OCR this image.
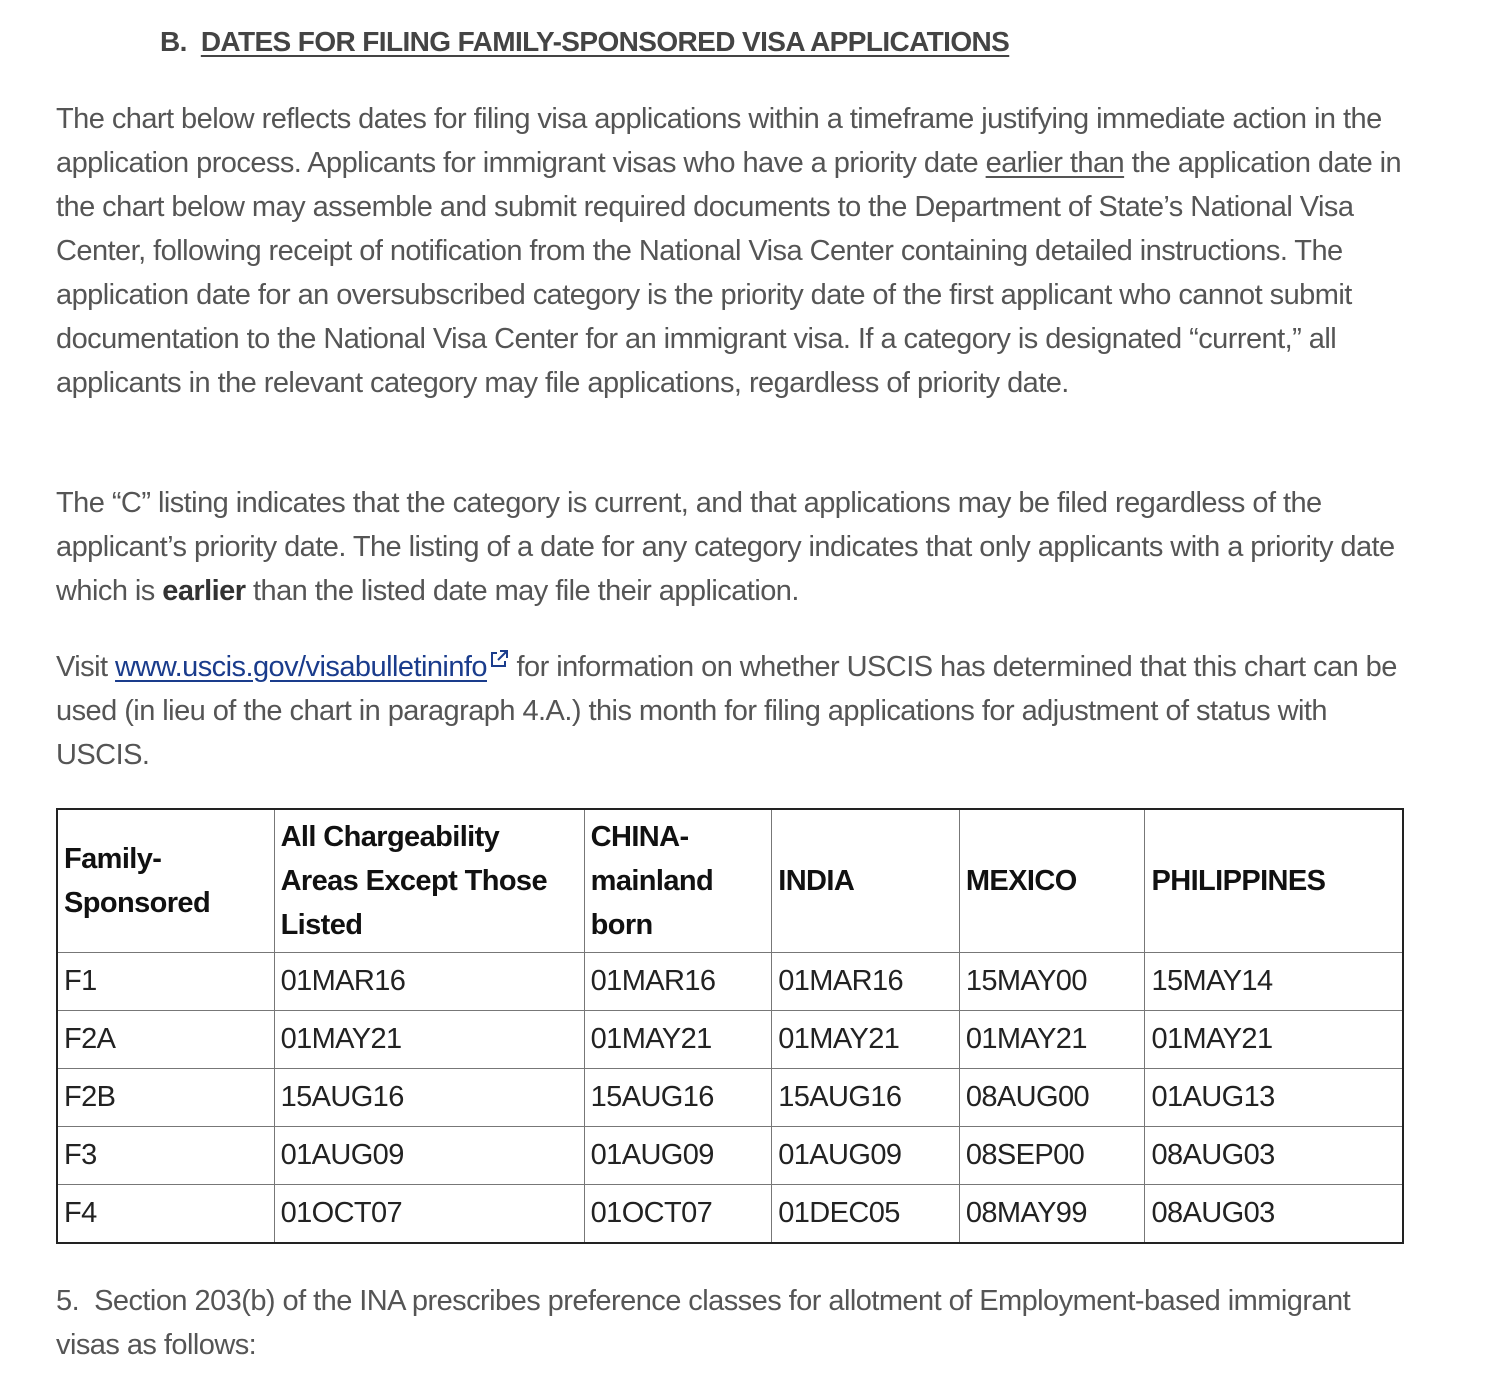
B. DATES FOR FILING FAMILY-SPONSORED VISA APPLICATIONS

The chart below reflects dates for filing visa applications within a timeframe justifying immediate action in the application process. Applicants for immigrant visas who have a priority date earlier than the application date in the chart below may assemble and submit required documents to the Department of State’s National Visa Center, following receipt of notification from the National Visa Center containing detailed instructions. The application date for an oversubscribed category is the priority date of the first applicant who cannot submit documentation to the National Visa Center for an immigrant visa. If a category is designated “current,” all applicants in the relevant category may file applications, regardless of priority date.

The “C” listing indicates that the category is current, and that applications may be filed regardless of the applicant’s priority date. The listing of a date for any category indicates that only applicants with a priority date which is earlier than the listed date may file their application.

Visit www.uscis.gov/visabulletininfo for information on whether USCIS has determined that this chart can be used (in lieu of the chart in paragraph 4.A.) this month for filing applications for adjustment of status with USCIS.

Family-Sponsored	All Chargeability Areas Except Those Listed	CHINA-mainland born	INDIA	MEXICO	PHILIPPINES
F1	01MAR16	01MAR16	01MAR16	15MAY00	15MAY14
F2A	01MAY21	01MAY21	01MAY21	01MAY21	01MAY21
F2B	15AUG16	15AUG16	15AUG16	08AUG00	01AUG13
F3	01AUG09	01AUG09	01AUG09	08SEP00	08AUG03
F4	01OCT07	01OCT07	01DEC05	08MAY99	08AUG03

5.  Section 203(b) of the INA prescribes preference classes for allotment of Employment-based immigrant visas as follows:
